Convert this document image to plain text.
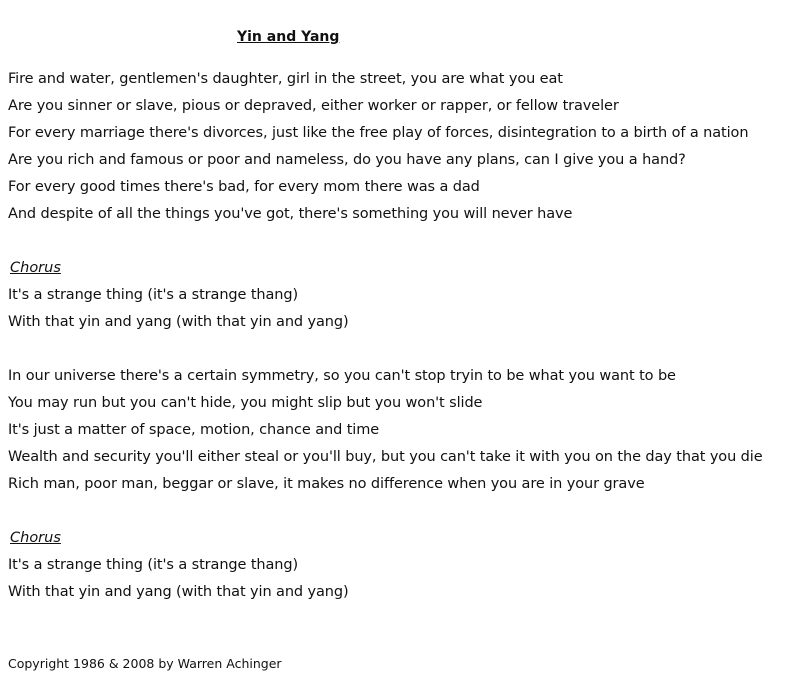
Yin and Yang
Fire and water, gentlemen's daughter, girl in the street, you are what you eat
Are you sinner or slave, pious or depraved, either worker or rapper, or fellow traveler
For every marriage there's divorces, just like the free play of forces, disintegration to a birth of a nation
Are you rich and famous or poor and nameless, do you have any plans, can I give you a hand?
For every good times there's bad, for every mom there was a dad
And despite of all the things you've got, there's something you will never have
Chorus
It's a strange thing (it's a strange thang)
With that yin and yang (with that yin and yang)
In our universe there's a certain symmetry, so you can't stop tryin to be what you want to be
You may run but you can't hide, you might slip but you won't slide
It's just a matter of space, motion, chance and time
Wealth and security you'll either steal or you'll buy, but you can't take it with you on the day that you die
Rich man, poor man, beggar or slave, it makes no difference when you are in your grave
Chorus
It's a strange thing (it's a strange thang)
With that yin and yang (with that yin and yang)
Copyright 1986 & 2008 by Warren Achinger
